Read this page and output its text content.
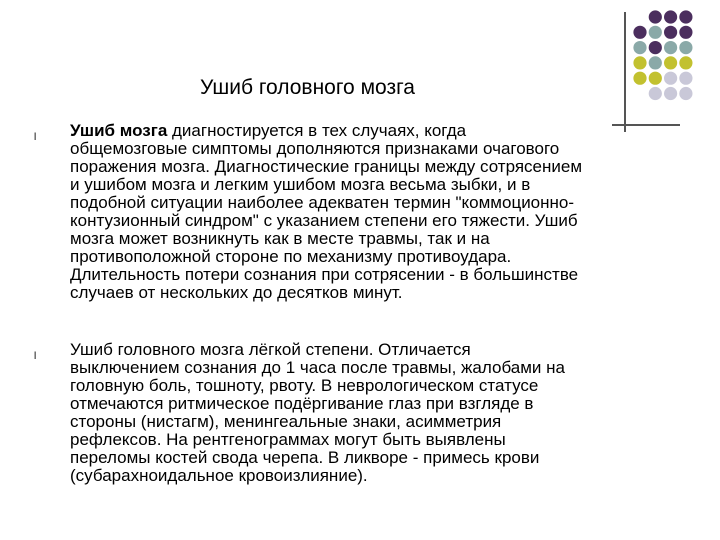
Ушиб головного мозга
l Ушиб мозга диагностируется в тех случаях, когда
общемозговые симптомы дополняются признаками очагового
поражения мозга. Диагностические границы между сотрясением
и ушибом мозга и легким ушибом мозга весьма зыбки, и в
подобной ситуации наиболее адекватен термин "коммоционно-
контузионный синдром" с указанием степени его тяжести. Ушиб
мозга может возникнуть как в месте травмы, так и на
противоположной стороне по механизму противоудара.
Длительность потери сознания при сотрясении - в большинстве
случаев от нескольких до десятков минут.
l Ушиб головного мозга лёгкой степени. Отличается
выключением сознания до 1 часа после травмы, жалобами на
головную боль, тошноту, рвоту. В неврологическом статусе
отмечаются ритмическое подёргивание глаз при взгляде в
стороны (нистагм), менингеальные знаки, асимметрия
рефлексов. На рентгенограммах могут быть выявлены
переломы костей свода черепа. В ликворе - примесь крови
(субарахноидальное кровоизлияние).
